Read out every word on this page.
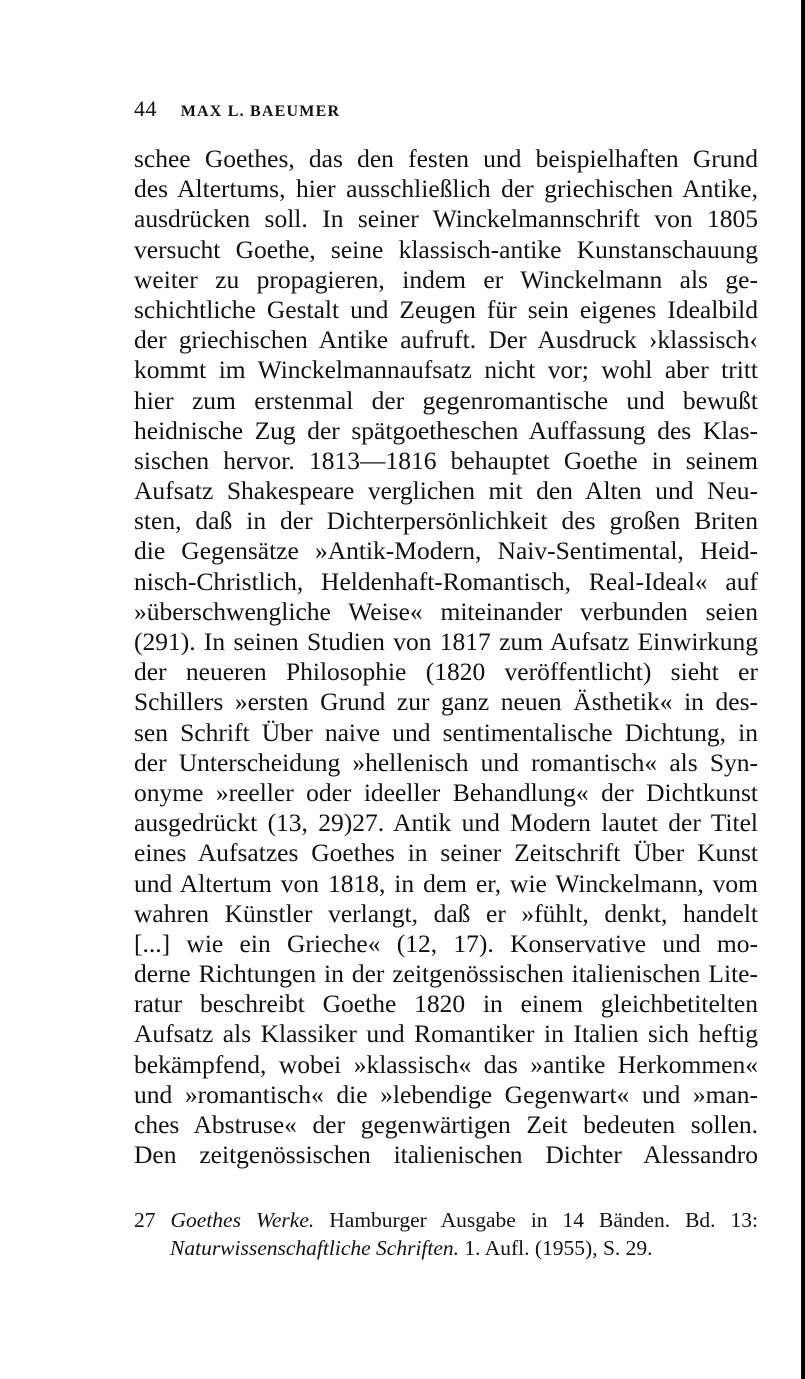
44 MAX L. BAEUMER
schee Goethes, das den festen und beispielhaften Grund
des Altertums, hier ausschließlich der griechischen Antike,
ausdrücken soll. In seiner Winckelmannschrift von 1805
versucht Goethe, seine klassisch-antike Kunstanschauung
weiter zu propagieren, indem er Winckelmann als ge-
schichtliche Gestalt und Zeugen für sein eigenes Idealbild
der griechischen Antike aufruft. Der Ausdruck ›klassisch‹
kommt im Winckelmannaufsatz nicht vor; wohl aber tritt
hier zum erstenmal der gegenromantische und bewußt
heidnische Zug der spätgoetheschen Auffassung des Klas-
sischen hervor. 1813—1816 behauptet Goethe in seinem
Aufsatz Shakespeare verglichen mit den Alten und Neu-
sten, daß in der Dichterpersönlichkeit des großen Briten
die Gegensätze »Antik-Modern, Naiv-Sentimental, Heid-
nisch-Christlich, Heldenhaft-Romantisch, Real-Ideal« auf
»überschwengliche Weise« miteinander verbunden seien
(291). In seinen Studien von 1817 zum Aufsatz Einwirkung
der neueren Philosophie (1820 veröffentlicht) sieht er
Schillers »ersten Grund zur ganz neuen Ästhetik« in des-
sen Schrift Über naive und sentimentalische Dichtung, in
der Unterscheidung »hellenisch und romantisch« als Syn-
onyme »reeller oder ideeller Behandlung« der Dichtkunst
ausgedrückt (13, 29)27. Antik und Modern lautet der Titel
eines Aufsatzes Goethes in seiner Zeitschrift Über Kunst
und Altertum von 1818, in dem er, wie Winckelmann, vom
wahren Künstler verlangt, daß er »fühlt, denkt, handelt
[...] wie ein Grieche« (12, 17). Konservative und mo-
derne Richtungen in der zeitgenössischen italienischen Lite-
ratur beschreibt Goethe 1820 in einem gleichbetitelten
Aufsatz als Klassiker und Romantiker in Italien sich heftig
bekämpfend, wobei »klassisch« das »antike Herkommen«
und »romantisch« die »lebendige Gegenwart« und »man-
ches Abstruse« der gegenwärtigen Zeit bedeuten sollen.
Den zeitgenössischen italienischen Dichter Alessandro
27 Goethes Werke. Hamburger Ausgabe in 14 Bänden. Bd. 13:
Naturwissenschaftliche Schriften. 1. Aufl. (1955), S. 29.
